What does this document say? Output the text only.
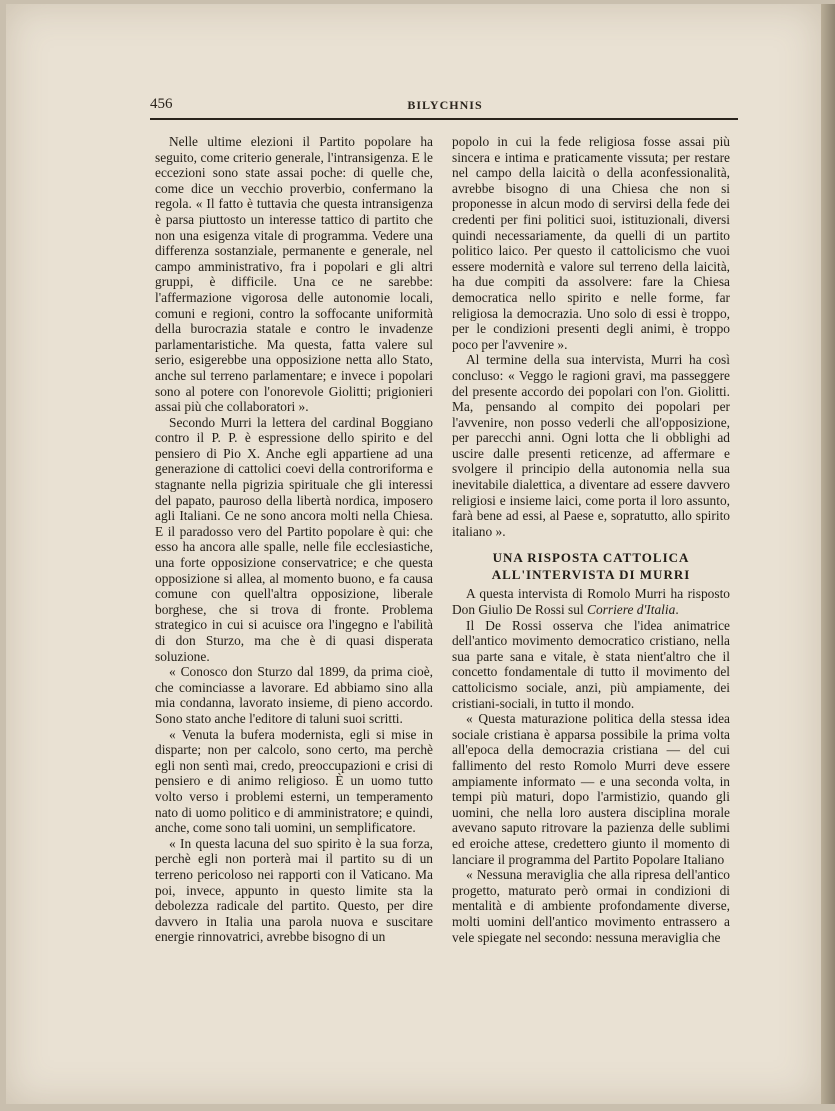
456	BILYCHNIS

Nelle ultime elezioni il Partito popolare ha seguito, come criterio generale, l'intransigenza. E le eccezioni sono state assai poche: di quelle che, come dice un vecchio proverbio, confermano la regola. « Il fatto è tuttavia che questa intransigenza è parsa piuttosto un interesse tattico di partito che non una esigenza vitale di programma. Vedere una differenza sostanziale, permanente e generale, nel campo amministrativo, fra i popolari e gli altri gruppi, è difficile. Una ce ne sarebbe: l'affermazione vigorosa delle autonomie locali, comuni e regioni, contro la soffocante uniformità della burocrazia statale e contro le invadenze parlamentaristiche. Ma questa, fatta valere sul serio, esigerebbe una opposizione netta allo Stato, anche sul terreno parlamentare; e invece i popolari sono al potere con l'onorevole Giolitti; prigionieri assai più che collaboratori ».

Secondo Murri la lettera del cardinal Boggiano contro il P. P. è espressione dello spirito e del pensiero di Pio X. Anche egli appartiene ad una generazione di cattolici coevi della controriforma e stagnante nella pigrizia spirituale che gli interessi del papato, pauroso della libertà nordica, imposero agli Italiani. Ce ne sono ancora molti nella Chiesa. E il paradosso vero del Partito popolare è qui: che esso ha ancora alle spalle, nelle file ecclesiastiche, una forte opposizione conservatrice; e che questa opposizione si allea, al momento buono, e fa causa comune con quell'altra opposizione, liberale borghese, che si trova di fronte. Problema strategico in cui si acuisce ora l'ingegno e l'abilità di don Sturzo, ma che è di quasi disperata soluzione.

« Conosco don Sturzo dal 1899, da prima cioè, che cominciasse a lavorare. Ed abbiamo sino alla mia condanna, lavorato insieme, di pieno accordo. Sono stato anche l'editore di taluni suoi scritti.

« Venuta la bufera modernista, egli si mise in disparte; non per calcolo, sono certo, ma perchè egli non sentì mai, credo, preoccupazioni e crisi di pensiero e di animo religioso. È un uomo tutto volto verso i problemi esterni, un temperamento nato di uomo politico e di amministratore; e quindi, anche, come sono tali uomini, un semplificatore.

« In questa lacuna del suo spirito è la sua forza, perchè egli non porterà mai il partito su di un terreno pericoloso nei rapporti con il Vaticano. Ma poi, invece, appunto in questo limite sta la debolezza radicale del partito. Questo, per dire davvero in Italia una parola nuova e suscitare energie rinnovatrici, avrebbe bisogno di un

popolo in cui la fede religiosa fosse assai più sincera e intima e praticamente vissuta; per restare nel campo della laicità o della aconfessionalità, avrebbe bisogno di una Chiesa che non si proponesse in alcun modo di servirsi della fede dei credenti per fini politici suoi, istituzionali, diversi quindi necessariamente, da quelli di un partito politico laico. Per questo il cattolicismo che vuoi essere modernità e valore sul terreno della laicità, ha due compiti da assolvere: fare la Chiesa democratica nello spirito e nelle forme, far religiosa la democrazia. Uno solo di essi è troppo, per le condizioni presenti degli animi, è troppo poco per l'avvenire ».

Al termine della sua intervista, Murri ha così concluso: « Veggo le ragioni gravi, ma passeggere del presente accordo dei popolari con l'on. Giolitti. Ma, pensando al compito dei popolari per l'avvenire, non posso vederli che all'opposizione, per parecchi anni. Ogni lotta che li obblighi ad uscire dalle presenti reticenze, ad affermare e svolgere il principio della autonomia nella sua inevitabile dialettica, a diventare ad essere davvero religiosi e insieme laici, come porta il loro assunto, farà bene ad essi, al Paese e, sopratutto, allo spirito italiano ».

UNA RISPOSTA CATTOLICA
ALL'INTERVISTA DI MURRI

A questa intervista di Romolo Murri ha risposto Don Giulio De Rossi sul Corriere d'Italia.

Il De Rossi osserva che l'idea animatrice dell'antico movimento democratico cristiano, nella sua parte sana e vitale, è stata nient'altro che il concetto fondamentale di tutto il movimento del cattolicismo sociale, anzi, più ampiamente, dei cristiani-sociali, in tutto il mondo.

« Questa maturazione politica della stessa idea sociale cristiana è apparsa possibile la prima volta all'epoca della democrazia cristiana — del cui fallimento del resto Romolo Murri deve essere ampiamente informato — e una seconda volta, in tempi più maturi, dopo l'armistizio, quando gli uomini, che nella loro austera disciplina morale avevano saputo ritrovare la pazienza delle sublimi ed eroiche attese, credettero giunto il momento di lanciare il programma del Partito Popolare Italiano

« Nessuna meraviglia che alla ripresa dell'antico progetto, maturato però ormai in condizioni di mentalità e di ambiente profondamente diverse, molti uomini dell'antico movimento entrassero a vele spiegate nel secondo: nessuna meraviglia che
